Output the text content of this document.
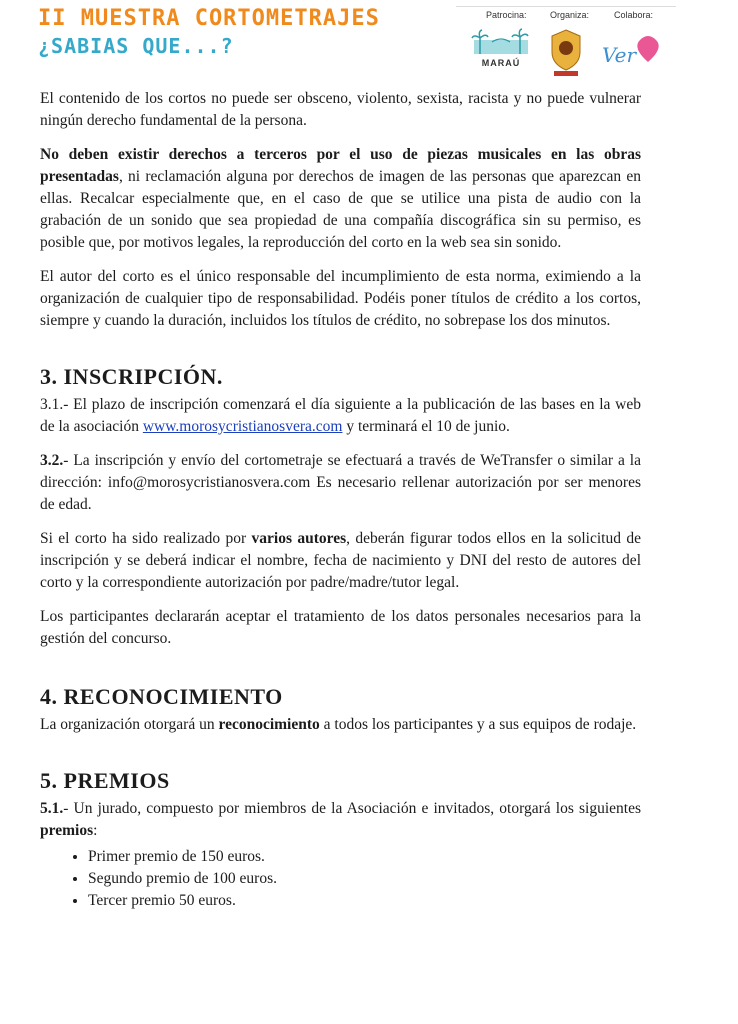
II MUESTRA CORTOMETRAJES
¿SABIAS QUE...?
Patrocina:	Organiza:	Colabora:
MARAÚ	Ver

El contenido de los cortos no puede ser obsceno, violento, sexista, racista y no puede vulnerar ningún derecho fundamental de la persona.

No deben existir derechos a terceros por el uso de piezas musicales en las obras presentadas, ni reclamación alguna por derechos de imagen de las personas que aparezcan en ellas. Recalcar especialmente que, en el caso de que se utilice una pista de audio con la grabación de un sonido que sea propiedad de una compañía discográfica sin su permiso, es posible que, por motivos legales, la reproducción del corto en la web sea sin sonido.

El autor del corto es el único responsable del incumplimiento de esta norma, eximiendo a la organización de cualquier tipo de responsabilidad. Podéis poner títulos de crédito a los cortos, siempre y cuando la duración, incluidos los títulos de crédito, no sobrepase los dos minutos.

3. INSCRIPCIÓN.

3.1.- El plazo de inscripción comenzará el día siguiente a la publicación de las bases en la web de la asociación www.morosycristianosvera.com y terminará el 10 de junio.

3.2.- La inscripción y envío del cortometraje se efectuará a través de WeTransfer o similar a la dirección: info@morosycristianosvera.com Es necesario rellenar autorización por ser menores de edad.

Si el corto ha sido realizado por varios autores, deberán figurar todos ellos en la solicitud de inscripción y se deberá indicar el nombre, fecha de nacimiento y DNI del resto de autores del corto y la correspondiente autorización por padre/madre/tutor legal.

Los participantes declararán aceptar el tratamiento de los datos personales necesarios para la gestión del concurso.

4. RECONOCIMIENTO

La organización otorgará un reconocimiento a todos los participantes y a sus equipos de rodaje.

5. PREMIOS

5.1.- Un jurado, compuesto por miembros de la Asociación e invitados, otorgará los siguientes premios:

• Primer premio de 150 euros.
• Segundo premio de 100 euros.
• Tercer premio 50 euros.
